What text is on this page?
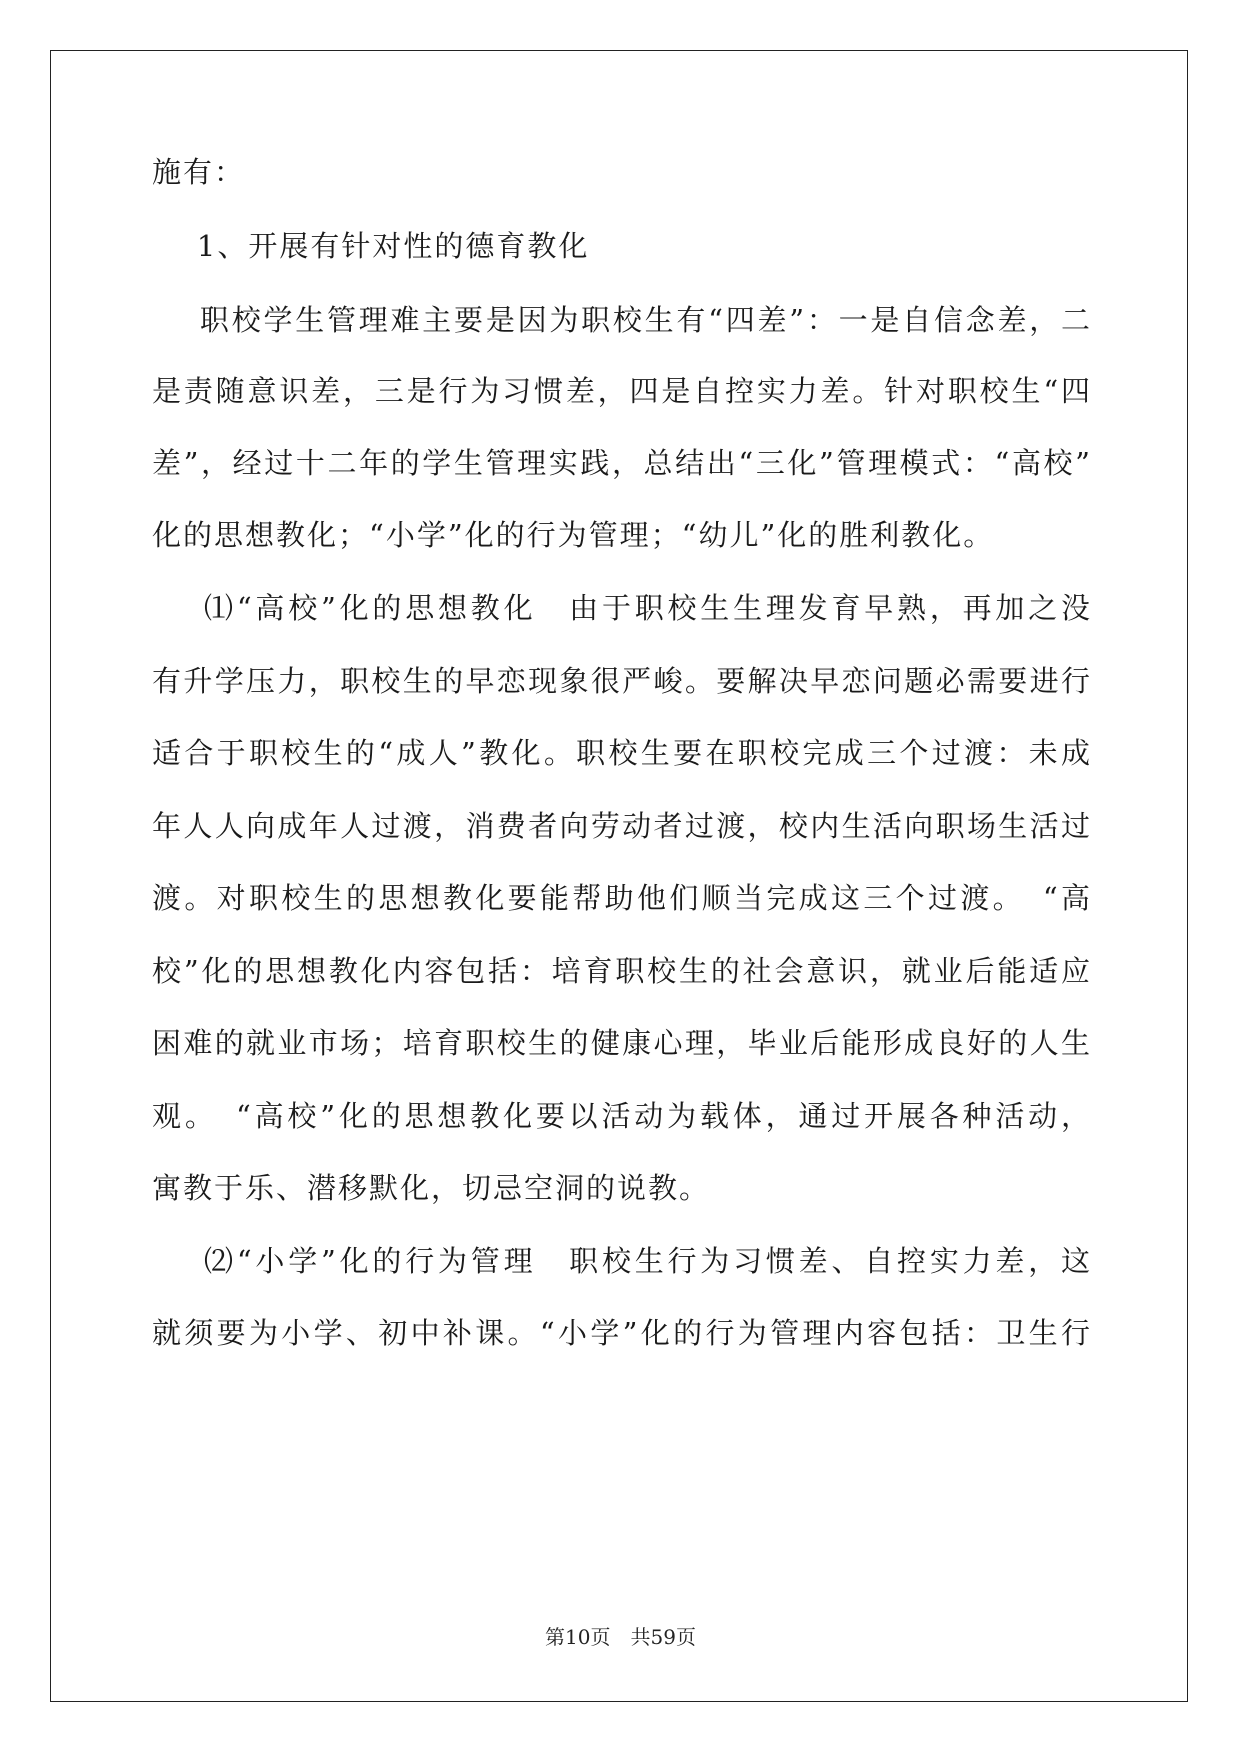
施有：
1、开展有针对性的德育教化
职校学生管理难主要是因为职校生有“四差”：一是自信念差，二
是责随意识差，三是行为习惯差，四是自控实力差。针对职校生“四
差”，经过十二年的学生管理实践，总结出“三化”管理模式：“高校”
化的思想教化；“小学”化的行为管理；“幼儿”化的胜利教化。
⑴“高校”化的思想教化　由于职校生生理发育早熟，再加之没
有升学压力，职校生的早恋现象很严峻。要解决早恋问题必需要进行
适合于职校生的“成人”教化。职校生要在职校完成三个过渡：未成
年人人向成年人过渡，消费者向劳动者过渡，校内生活向职场生活过
渡。对职校生的思想教化要能帮助他们顺当完成这三个过渡。　“高
校”化的思想教化内容包括：培育职校生的社会意识，就业后能适应
困难的就业市场；培育职校生的健康心理，毕业后能形成良好的人生
观。　“高校”化的思想教化要以活动为载体，通过开展各种活动，
寓教于乐、潜移默化，切忌空洞的说教。
⑵“小学”化的行为管理　职校生行为习惯差、自控实力差，这
就须要为小学、初中补课。“小学”化的行为管理内容包括：卫生行
第10页　共59页
